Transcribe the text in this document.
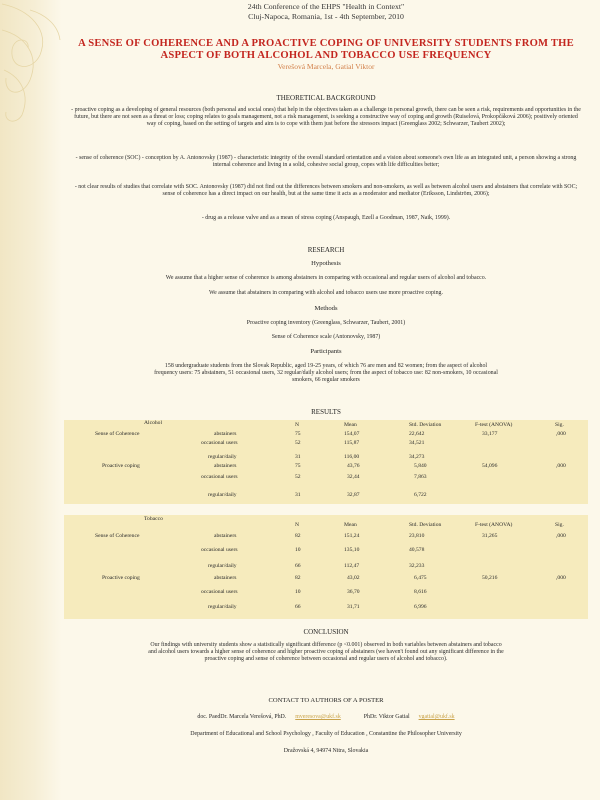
24th Conference of the EHPS "Health in Context"
Cluj-Napoca, Romania, 1st - 4th September, 2010
A SENSE OF COHERENCE AND A PROACTIVE COPING OF UNIVERSITY STUDENTS FROM THE
ASPECT OF BOTH ALCOHOL AND TOBACCO USE FREQUENCY
Verešová Marcela, Gatial Viktor
THEORETICAL BACKGROUND
- proactive coping as a developing of general resources (both personal and social ones) that help in the objectives taken as a challenge in personal growth, there can be seen a risk, requirements and opportunities in the future, but there are not seen as a threat or loss; coping relates to goals management, not a risk management, is seeking a constructive way of coping and growth (Ruiselová, Prokopčáková 2006); positively oriented way of coping, based on the setting of targets and aim is to cope with them just before the stressors impact (Greenglass 2002; Schwarzer, Taubert 2002);
- sense of coherence (SOC) - conception by A. Antonovsky (1987) - characteristic integrity of the overall standard orientation and a vision about someone's own life as an integrated unit, a person showing a strong internal coherence and living in a solid, cohesive social group, copes with life difficulties better;
- not clear results of studies that correlate with SOC. Antonovsky (1987) did not find out the differences between smokers and non-smokers, as well as between alcohol users and abstainers that correlate with SOC; sense of coherence has a direct impact on our health, but at the same time it acts as a moderator and mediator (Eriksson, Lindström, 2006);
- drug as a release valve and as a mean of stress coping (Anspaugh, Ezell a Goodman, 1987, Naik, 1999).
RESEARCH
Hypothesis
We assume that a higher sense of coherence is among abstainers in comparing with occasional and regular users of alcohol and tobacco.
We assume that abstainers in comparing with alcohol and tobacco users use more proactive coping.
Methods
Proactive coping inventory (Greenglass, Schwarzer, Taubert, 2001)
Sense of Coherence scale (Antonovsky, 1987)
Participants
158 undergraduate students from the Slovak Republic, aged 19-25 years, of which 76 are men and 82 women; from the aspect of alcohol
frequency users: 75 abstainers, 51 occasional users, 32 regular/daily alcohol users; from the aspect of tobacco use: 82 non-smokers, 10 occasional
smokers, 66 regular smokers
RESULTS
Alcohol	N	Mean	Std. Deviation	F-test (ANOVA)	Sig.
Sense of Coherence	abstainers	75	154,07	22,642	33,177	,000
occasional users	52	115,87	34,521
regular/daily	31	116,00	34,273
Proactive coping	abstainers	75	43,76	5,840	54,096	,000
occasional users	52	32,44	7,863
regular/daily	31	32,87	6,722
Tobacco
N	Mean	Std. Deviation	F-test (ANOVA)	Sig.
Sense of Coherence	abstainers	82	151,24	23,810	31,265	,000
occasional users	10	135,10	40,578
regular/daily	66	112,47	32,233
Proactive coping	abstainers	82	43,02	6,475	50,216	,000
occasional users	10	36,70	8,616
regular/daily	66	31,71	6,996
CONCLUSION
Our findings with university students show a statistically significant difference (p <0.001) observed in both variables between abstainers and tobacco
and alcohol users towards a higher sense of coherence and higher proactive coping of abstainers (we haven't found out any significant difference in the
proactive coping and sense of coherence between occasional and regular users of alcohol and tobacco).
CONTACT TO AUTHORS OF A POSTER
doc. PaedDr. Marcela Verešová, PhD. mveresova@ukf.sk	PhDr. Viktor Gatial vgatial@ukf.sk
Department of Educational and School Psychology , Faculty of Education , Constantine the Philosopher University
Dražovská 4, 94974 Nitra, Slovakia
